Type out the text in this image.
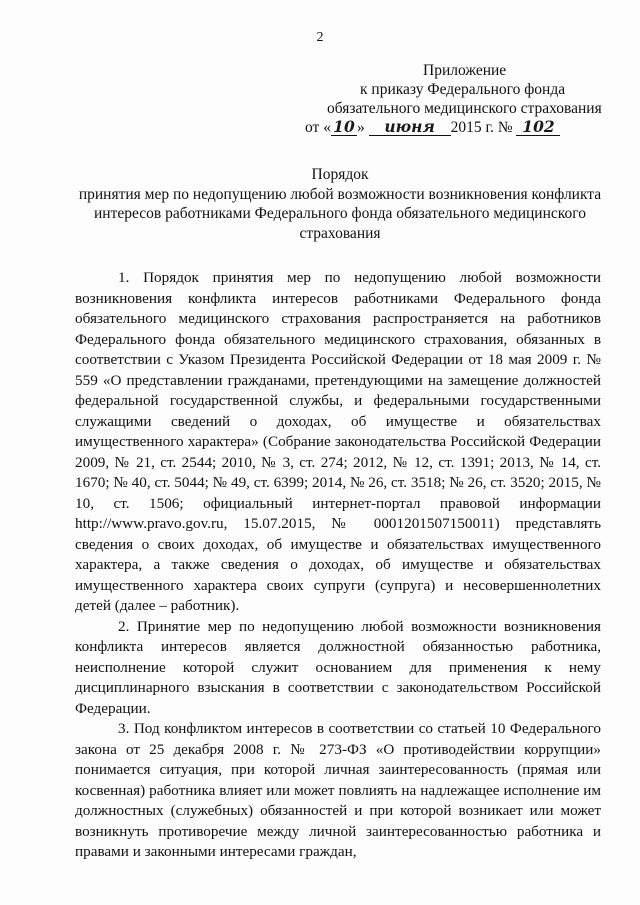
2
Приложение
к приказу Федерального фонда
обязательного медицинского страхования
от « 10 » июня 2015 г. № 102
Порядок
принятия мер по недопущению любой возможности возникновения конфликта интересов работниками Федерального фонда обязательного медицинского страхования

1. Порядок принятия мер по недопущению любой возможности возникновения конфликта интересов работниками Федерального фонда обязательного медицинского страхования распространяется на работников Федерального фонда обязательного медицинского страхования, обязанных в соответствии с Указом Президента Российской Федерации от 18 мая 2009 г. № 559 «О представлении гражданами, претендующими на замещение должностей федеральной государственной службы, и федеральными государственными служащими сведений о доходах, об имуществе и обязательствах имущественного характера» (Собрание законодательства Российской Федерации 2009, № 21, ст. 2544; 2010, № 3, ст. 274; 2012, № 12, ст. 1391; 2013, № 14, ст. 1670; № 40, ст. 5044; № 49, ст. 6399; 2014, № 26, ст. 3518; № 26, ст. 3520; 2015, № 10, ст. 1506; официальный интернет-портал правовой информации http://www.pravo.gov.ru, 15.07.2015, № 0001201507150011) представлять сведения о своих доходах, об имуществе и обязательствах имущественного характера, а также сведения о доходах, об имуществе и обязательствах имущественного характера своих супруги (супруга) и несовершеннолетних детей (далее – работник).

2. Принятие мер по недопущению любой возможности возникновения конфликта интересов является должностной обязанностью работника, неисполнение которой служит основанием для применения к нему дисциплинарного взыскания в соответствии с законодательством Российской Федерации.

3. Под конфликтом интересов в соответствии со статьей 10 Федерального закона от 25 декабря 2008 г. № 273-ФЗ «О противодействии коррупции» понимается ситуация, при которой личная заинтересованность (прямая или косвенная) работника влияет или может повлиять на надлежащее исполнение им должностных (служебных) обязанностей и при которой возникает или может возникнуть противоречие между личной заинтересованностью работника и правами и законными интересами граждан,
